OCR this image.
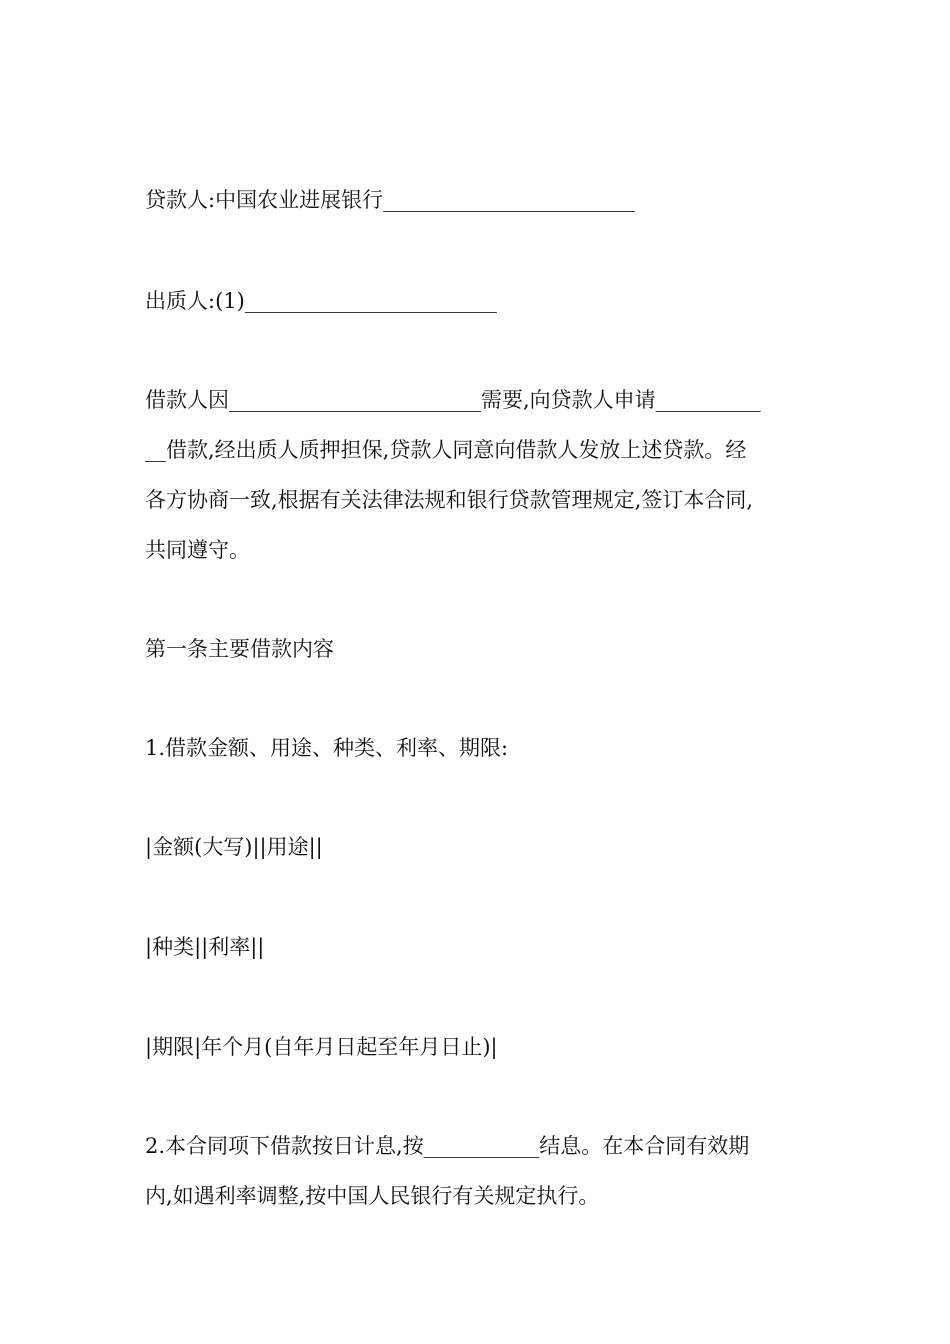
贷款人:中国农业进展银行________________________
出质人:(1)________________________
借款人因________________________需要,向贷款人申请__________
__借款,经出质人质押担保,贷款人同意向借款人发放上述贷款。经
各方协商一致,根据有关法律法规和银行贷款管理规定,签订本合同,
共同遵守。
第一条主要借款内容
1.借款金额、用途、种类、利率、期限:
|金额(大写)||用途||
|种类||利率||
|期限|年个月(自年月日起至年月日止)|
2.本合同项下借款按日计息,按___________结息。在本合同有效期
内,如遇利率调整,按中国人民银行有关规定执行。
